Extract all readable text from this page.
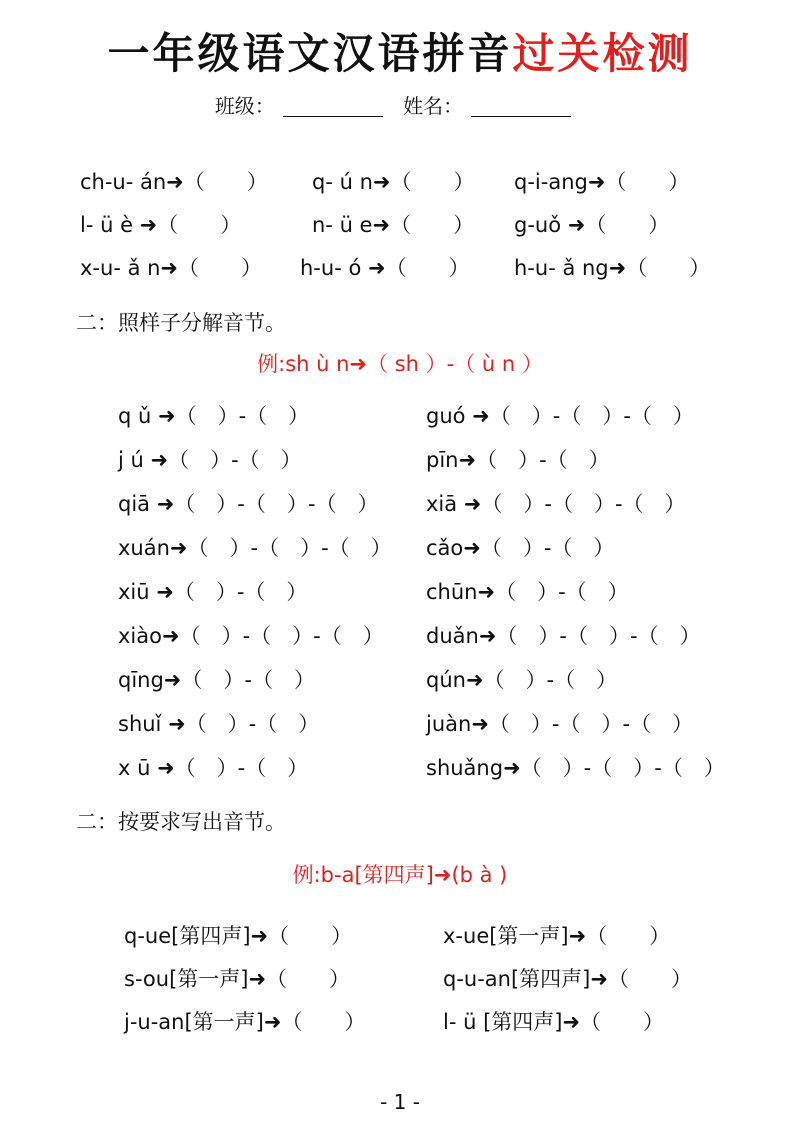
一年级语文汉语拼音过关检测
班级：	姓名：
ch-u- án➜（　　） q- ú n➜（　　） q-i-ang➜（　　）
l- ü è ➜（　　）	n- ü e➜（　　） g-uǒ ➜（　　）
x-u- ǎ n➜（　　） h-u- ó ➜（　　） h-u- ǎ ng➜（　　）
二：照样子分解音节。
例:sh ù n➜（ sh ）-（ ù n ）
q ǔ ➜（　）-（　）
j ú ➜（　）-（　）
qiā ➜（　）-（　）-（　）
xuán➜（　）-（　）-（　）
xiū ➜（　）-（　）
xiào➜（　）-（　）-（　）
qīng➜（　）-（　）
shuǐ ➜（　）-（　）
x ū ➜（　）-（　）
guó ➜（　）-（　）-（　）
pīn➜（　）-（　）
xiā ➜（　）-（　）-（　）
cǎo➜（　）-（　）
chūn➜（　）-（　）
duǎn➜（　）-（　）-（　）
qún➜（　）-（　）
juàn➜（　）-（　）-（　）
shuǎng➜（　）-（　）-（　）
二：按要求写出音节。
例:b-a[第四声]➜(b à )
q-ue[第四声]➜（　　）
s-ou[第一声]➜（　　）
j-u-an[第一声]➜（　　）
x-ue[第一声]➜（　　）
q-u-an[第四声]➜（　　）
l- ü [第四声]➜（　　）
- 1 -
